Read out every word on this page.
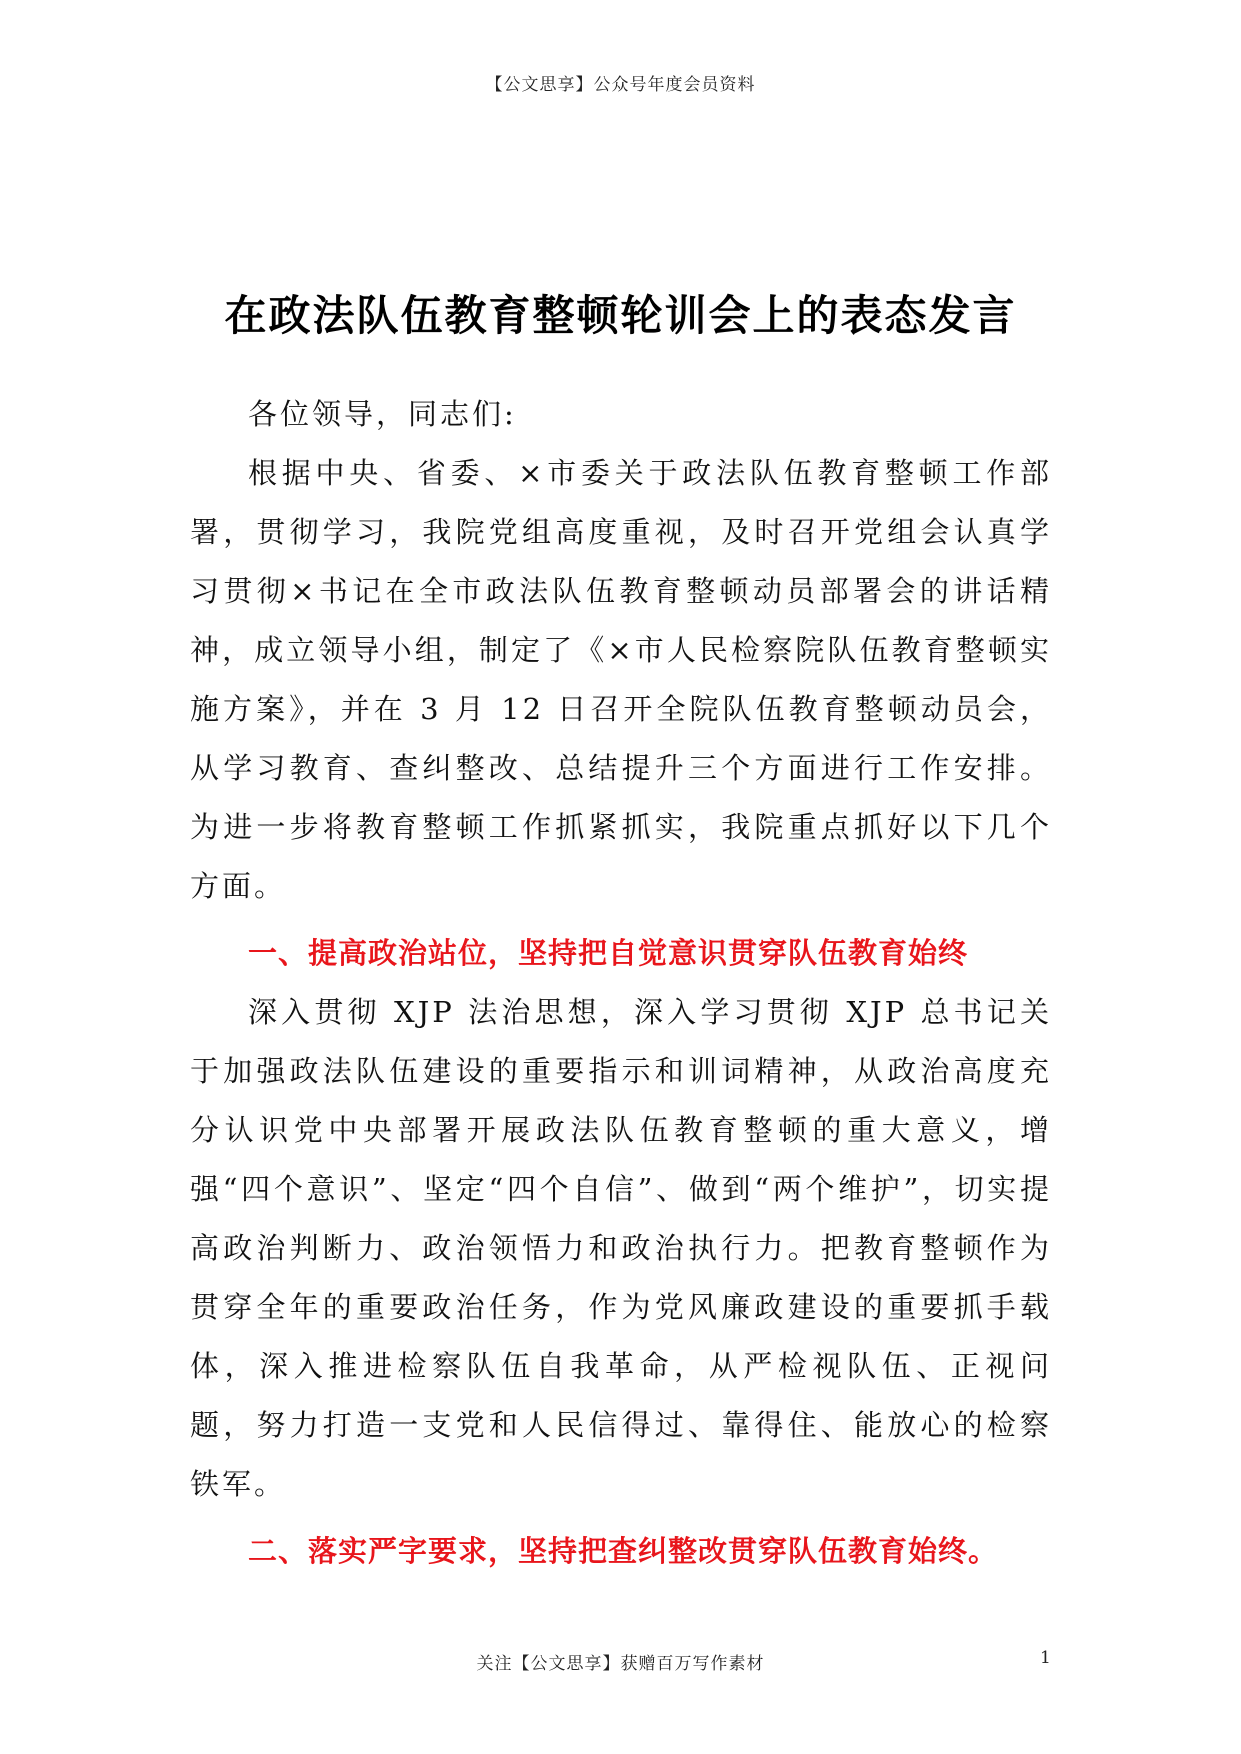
【公文思享】公众号年度会员资料
在政法队伍教育整顿轮训会上的表态发言

各位领导，同志们:

根据中央、省委、×市委关于政法队伍教育整顿工作部署，贯彻学习，我院党组高度重视，及时召开党组会认真学习贯彻×书记在全市政法队伍教育整顿动员部署会的讲话精神，成立领导小组，制定了《×市人民检察院队伍教育整顿实施方案》，并在 3 月 12 日召开全院队伍教育整顿动员会，从学习教育、查纠整改、总结提升三个方面进行工作安排。为进一步将教育整顿工作抓紧抓实，我院重点抓好以下几个方面。

一、提高政治站位，坚持把自觉意识贯穿队伍教育始终

深入贯彻 XJP 法治思想，深入学习贯彻 XJP 总书记关于加强政法队伍建设的重要指示和训词精神，从政治高度充分认识党中央部署开展政法队伍教育整顿的重大意义，增强“四个意识”、坚定“四个自信”、做到“两个维护”，切实提高政治判断力、政治领悟力和政治执行力。把教育整顿作为贯穿全年的重要政治任务，作为党风廉政建设的重要抓手载体，深入推进检察队伍自我革命，从严检视队伍、正视问题，努力打造一支党和人民信得过、靠得住、能放心的检察铁军。

二、落实严字要求，坚持把查纠整改贯穿队伍教育始终。

关注【公文思享】获赠百万写作素材	1
